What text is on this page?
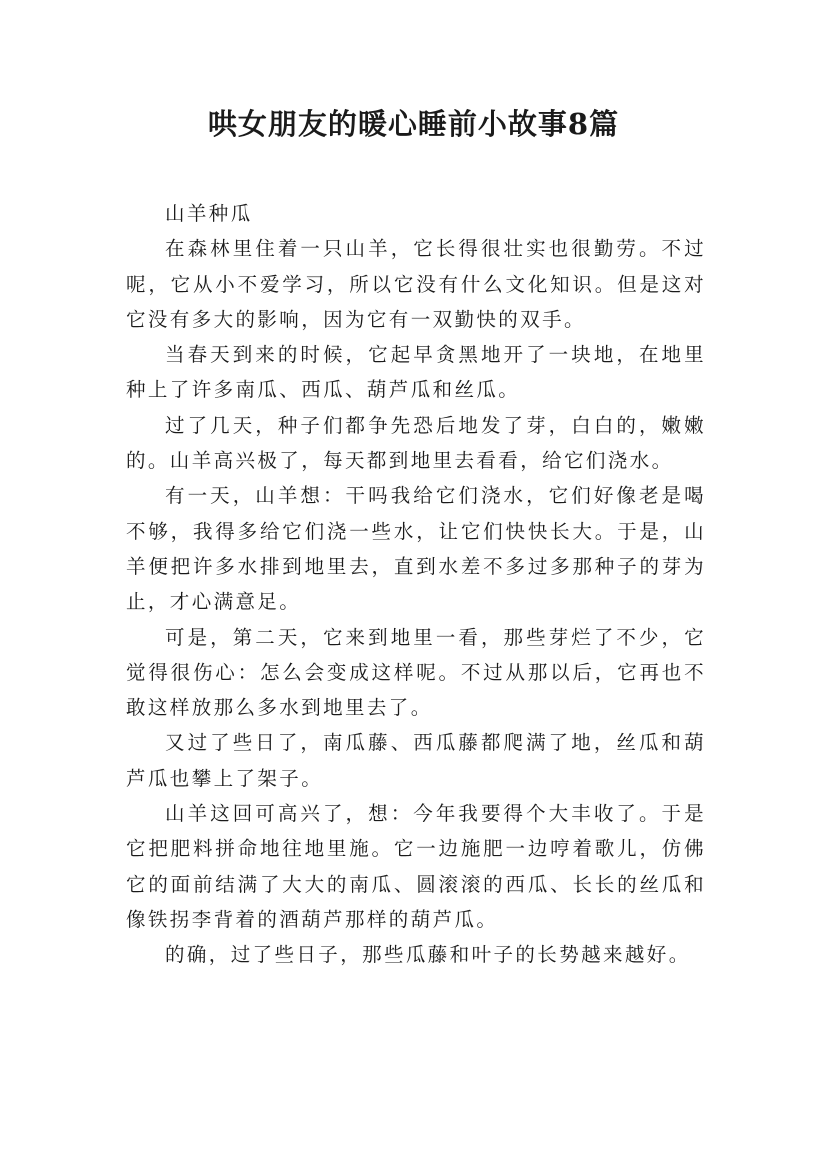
哄女朋友的暖心睡前小故事8篇

山羊种瓜

在森林里住着一只山羊，它长得很壮实也很勤劳。不过呢，它从小不爱学习，所以它没有什么文化知识。但是这对它没有多大的影响，因为它有一双勤快的双手。

当春天到来的时候，它起早贪黑地开了一块地，在地里种上了许多南瓜、西瓜、葫芦瓜和丝瓜。

过了几天，种子们都争先恐后地发了芽，白白的，嫩嫩的。山羊高兴极了，每天都到地里去看看，给它们浇水。

有一天，山羊想：干吗我给它们浇水，它们好像老是喝不够，我得多给它们浇一些水，让它们快快长大。于是，山羊便把许多水排到地里去，直到水差不多过多那种子的芽为止，才心满意足。

可是，第二天，它来到地里一看，那些芽烂了不少，它觉得很伤心：怎么会变成这样呢。不过从那以后，它再也不敢这样放那么多水到地里去了。

又过了些日了，南瓜藤、西瓜藤都爬满了地，丝瓜和葫芦瓜也攀上了架子。

山羊这回可高兴了，想：今年我要得个大丰收了。于是它把肥料拼命地往地里施。它一边施肥一边哼着歌儿，仿佛它的面前结满了大大的南瓜、圆滚滚的西瓜、长长的丝瓜和像铁拐李背着的酒葫芦那样的葫芦瓜。

的确，过了些日子，那些瓜藤和叶子的长势越来越好。
